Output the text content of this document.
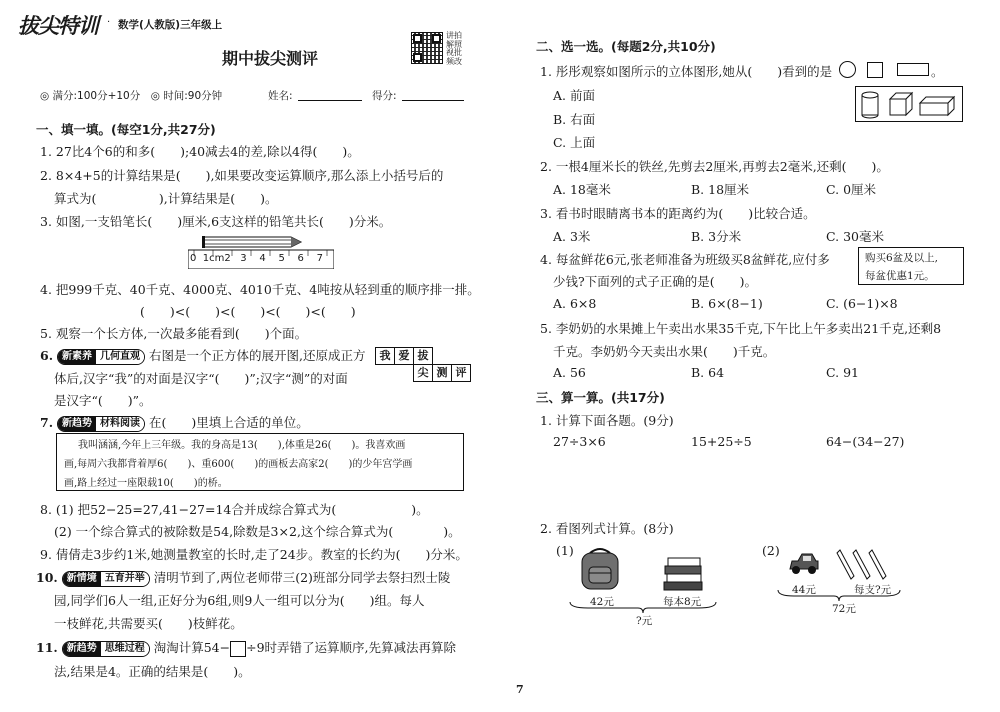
拔尖特训 数学(人教版)三年级上
·
期中拔尖测评
讲拍
解照
视批
频改
◎ 满分:100分+10分　◎ 时间:90分钟	姓名:	得分:
一、填一填。(每空1分,共27分)
1. 27比4个6的和多(　　);40减去4的差,除以4得(　　)。
2. 8×4+5的计算结果是(　　),如果要改变运算顺序,那么添上小括号后的
算式为(　　　　　),计算结果是(　　)。
3. 如图,一支铅笔长(　　)厘米,6支这样的铅笔共长(　　)分米。
0 1cm2 3 4 5 6 7
4. 把999千克、40千克、4000克、4010千克、4吨按从轻到重的顺序排一排。
(　　)<(　　)<(　　)<(　　)<(　　)
5. 观察一个长方体,一次最多能看到(　　)个面。
6. 新素养 几何直观 右图是一个正方体的展开图,还原成正方
体后,汉字“我”的对面是汉字“(　　)”;汉字“测”的对面
是汉字“(　　)”。
我 爱 拔
尖 测 评
7. 新趋势 材料阅读 在(　　)里填上合适的单位。
我叫涵涵,今年上三年级。我的身高是13(　　),体重是26(　　)。我喜欢画
画,每周六我都背着厚6(　　)、重600(　　)的画板去高家2(　　)的少年宫学画
画,路上经过一座限载10(　　)的桥。
8. (1) 把52−25=27,41−27=14合并成综合算式为(　　　　　　)。
(2) 一个综合算式的被除数是54,除数是3×2,这个综合算式为(　　　　)。
9. 倩倩走3步约1米,她测量教室的长时,走了24步。教室的长约为(　　)分米。
10. 新情境 五育并举 清明节到了,两位老师带三(2)班部分同学去祭扫烈士陵
园,同学们6人一组,正好分为6组,则9人一组可以分为(　　)组。每人
一枝鲜花,共需要买(　　)枝鲜花。
11. 新趋势 思维过程 淘淘计算54− ÷9时弄错了运算顺序,先算减法再算除
法,结果是4。正确的结果是(　　)。
二、选一选。(每题2分,共10分)
1. 彤彤观察如图所示的立体图形,她从(　　)看到的是	。
A. 前面
B. 右面
C. 上面
2. 一根4厘米长的铁丝,先剪去2厘米,再剪去2毫米,还剩(　　)。
A. 18毫米	B. 18厘米	C. 0厘米
3. 看书时眼睛离书本的距离约为(　　)比较合适。
A. 3米	B. 3分米	C. 30毫米
4. 每盆鲜花6元,张老师准备为班级买8盆鲜花,应付多
少钱?下面列的式子正确的是(　　)。
购买6盆及以上,
每盆优惠1元。
A. 6×8	B. 6×(8−1)	C. (6−1)×8
5. 李奶奶的水果摊上午卖出水果35千克,下午比上午多卖出21千克,还剩8
千克。李奶奶今天卖出水果(　　)千克。
A. 56	B. 64	C. 91
三、算一算。(共17分)
1. 计算下面各题。(9分)
27÷3×6	15+25÷5	64−(34−27)
2. 看图列式计算。(8分)
(1)
42元	每本8元
?元
(2)
44元	每支?元
72元
7
